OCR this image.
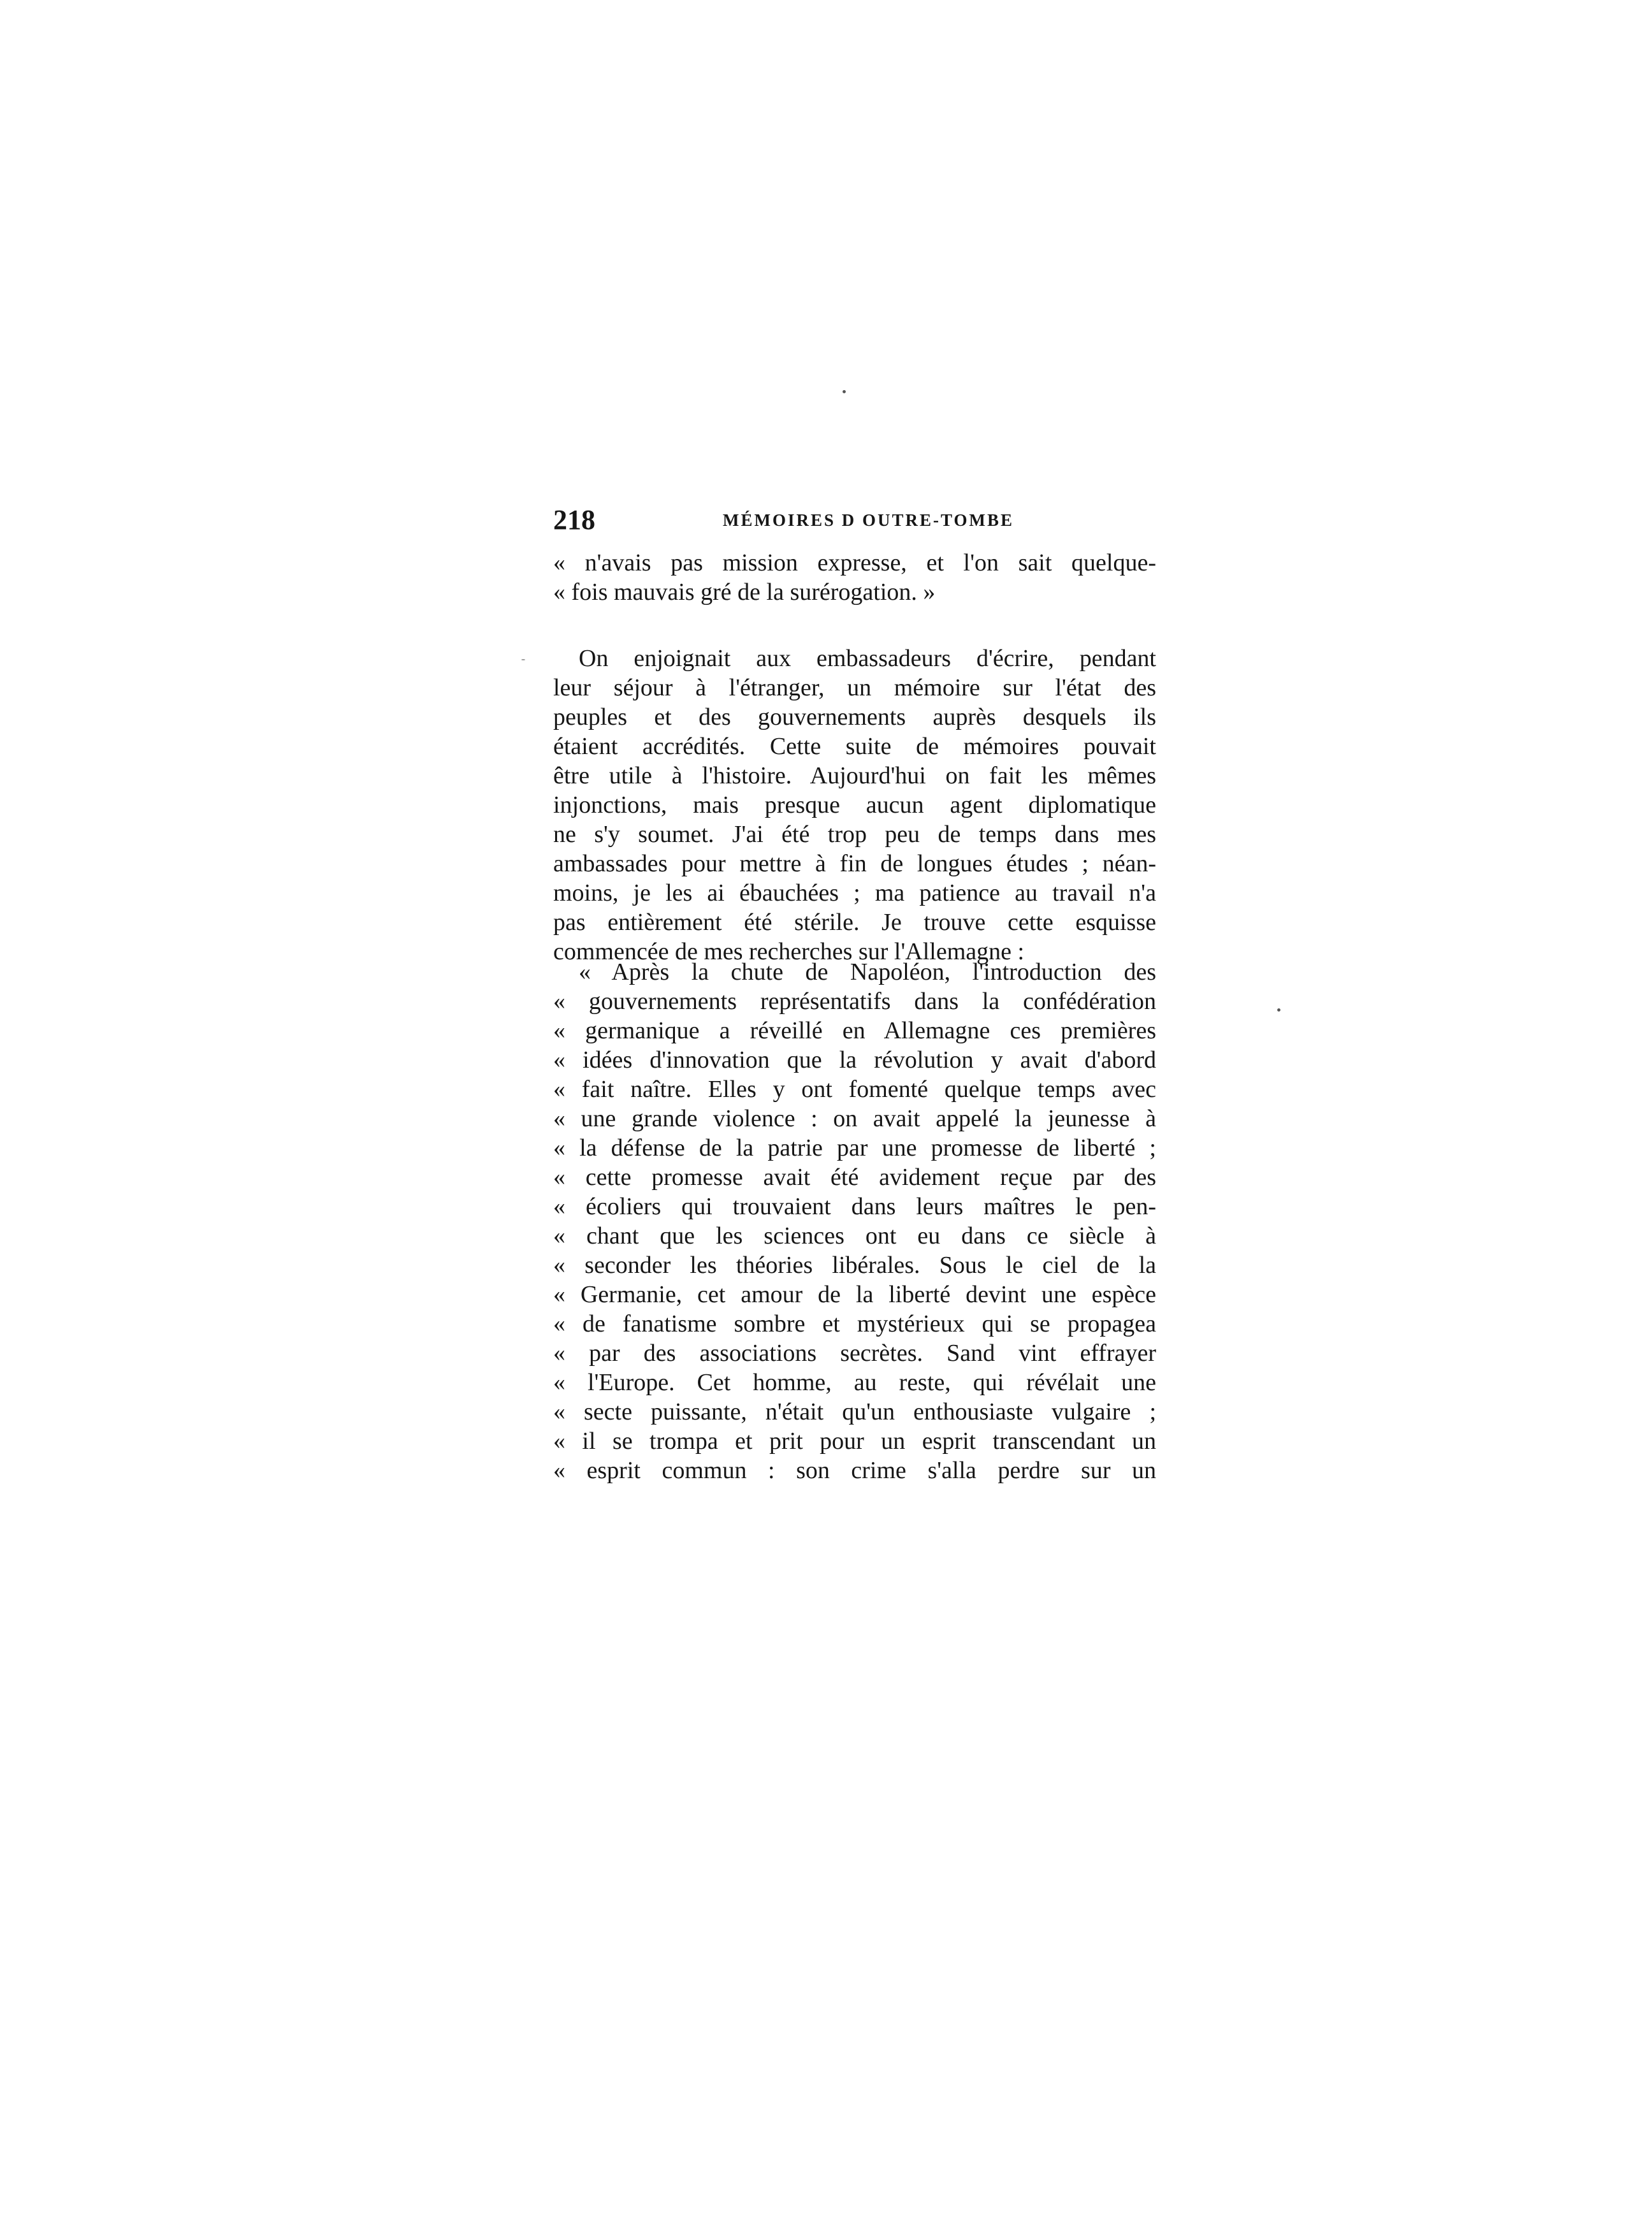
218	MÉMOIRES D OUTRE-TOMBE
« n'avais pas mission expresse, et l'on sait quelque-
« fois mauvais gré de la surérogation. »
On enjoignait aux embassadeurs d'écrire, pendant
leur séjour à l'étranger, un mémoire sur l'état des
peuples et des gouvernements auprès desquels ils
étaient accrédités. Cette suite de mémoires pouvait
être utile à l'histoire. Aujourd'hui on fait les mêmes
injonctions, mais presque aucun agent diplomatique
ne s'y soumet. J'ai été trop peu de temps dans mes
ambassades pour mettre à fin de longues études ; néan-
moins, je les ai ébauchées ; ma patience au travail n'a
pas entièrement été stérile. Je trouve cette esquisse
commencée de mes recherches sur l'Allemagne :
« Après la chute de Napoléon, l'introduction des
« gouvernements représentatifs dans la confédération
« germanique a réveillé en Allemagne ces premières
« idées d'innovation que la révolution y avait d'abord
« fait naître. Elles y ont fomenté quelque temps avec
« une grande violence : on avait appelé la jeunesse à
« la défense de la patrie par une promesse de liberté ;
« cette promesse avait été avidement reçue par des
« écoliers qui trouvaient dans leurs maîtres le pen-
« chant que les sciences ont eu dans ce siècle à
« seconder les théories libérales. Sous le ciel de la
« Germanie, cet amour de la liberté devint une espèce
« de fanatisme sombre et mystérieux qui se propagea
« par des associations secrètes. Sand vint effrayer
« l'Europe. Cet homme, au reste, qui révélait une
« secte puissante, n'était qu'un enthousiaste vulgaire ;
« il se trompa et prit pour un esprit transcendant un
« esprit commun : son crime s'alla perdre sur un
